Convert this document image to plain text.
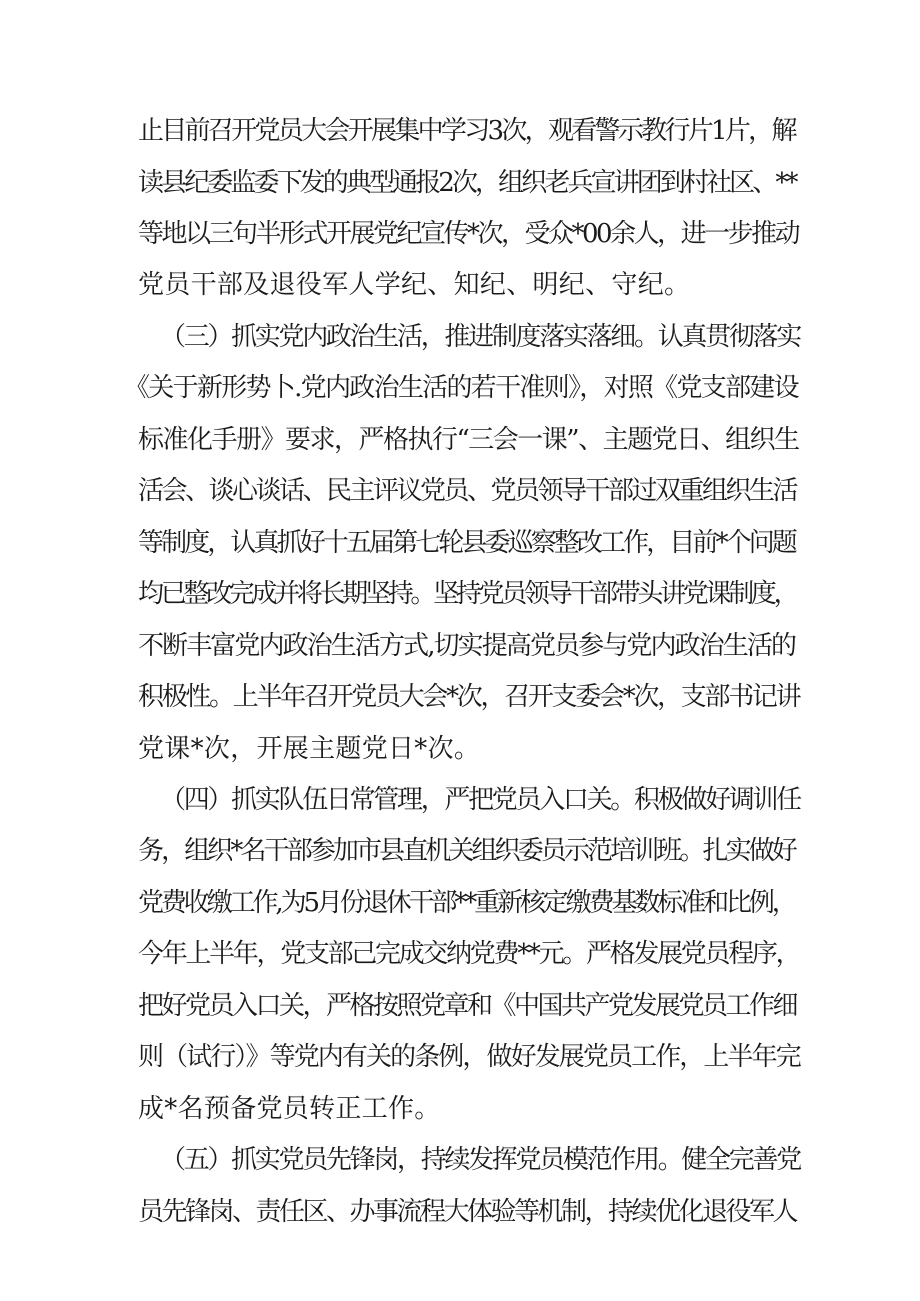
止目前召开党员大会开展集中学习3次，观看警示教行片1片，解
读县纪委监委下发的典型通报2次，组织老兵宣讲团到村社区、**
等地以三句半形式开展党纪宣传*次，受众*00余人，进一步推动
党员干部及退役军人学纪、知纪、明纪、守纪。
（三）抓实党内政治生活，推进制度落实落细。认真贯彻落实
《关于新形势卜.党内政治生活的若干准则》，对照《党支部建设
标准化手册》要求，严格执行“三会一课”、主题党日、组织生
活会、谈心谈话、民主评议党员、党员领导干部过双重组织生活
等制度，认真抓好十五届第七轮县委巡察整改工作，目前*个问题
均已整改完成并将长期坚持。坚持党员领导干部带头讲党课制度，
不断丰富党内政治生活方式,切实提高党员参与党内政治生活的
积极性。上半年召开党员大会*次，召开支委会*次，支部书记讲
党课*次，开展主题党日*次。
（四）抓实队伍日常管理，严把党员入口关。积极做好调训任
务，组织*名干部参加市县直机关组织委员示范培训班。扎实做好
党费收缴工作,为5月份退休干部**重新核定缴费基数标准和比例，
今年上半年，党支部己完成交纳党费**元。严格发展党员程序，
把好党员入口关，严格按照党章和《中国共产党发展党员工作细
则（试行）》等党内有关的条例，做好发展党员工作，上半年完
成*名预备党员转正工作。
（五）抓实党员先锋岗，持续发挥党员模范作用。健全完善党
员先锋岗、责任区、办事流程大体验等机制，持续优化退役军人
